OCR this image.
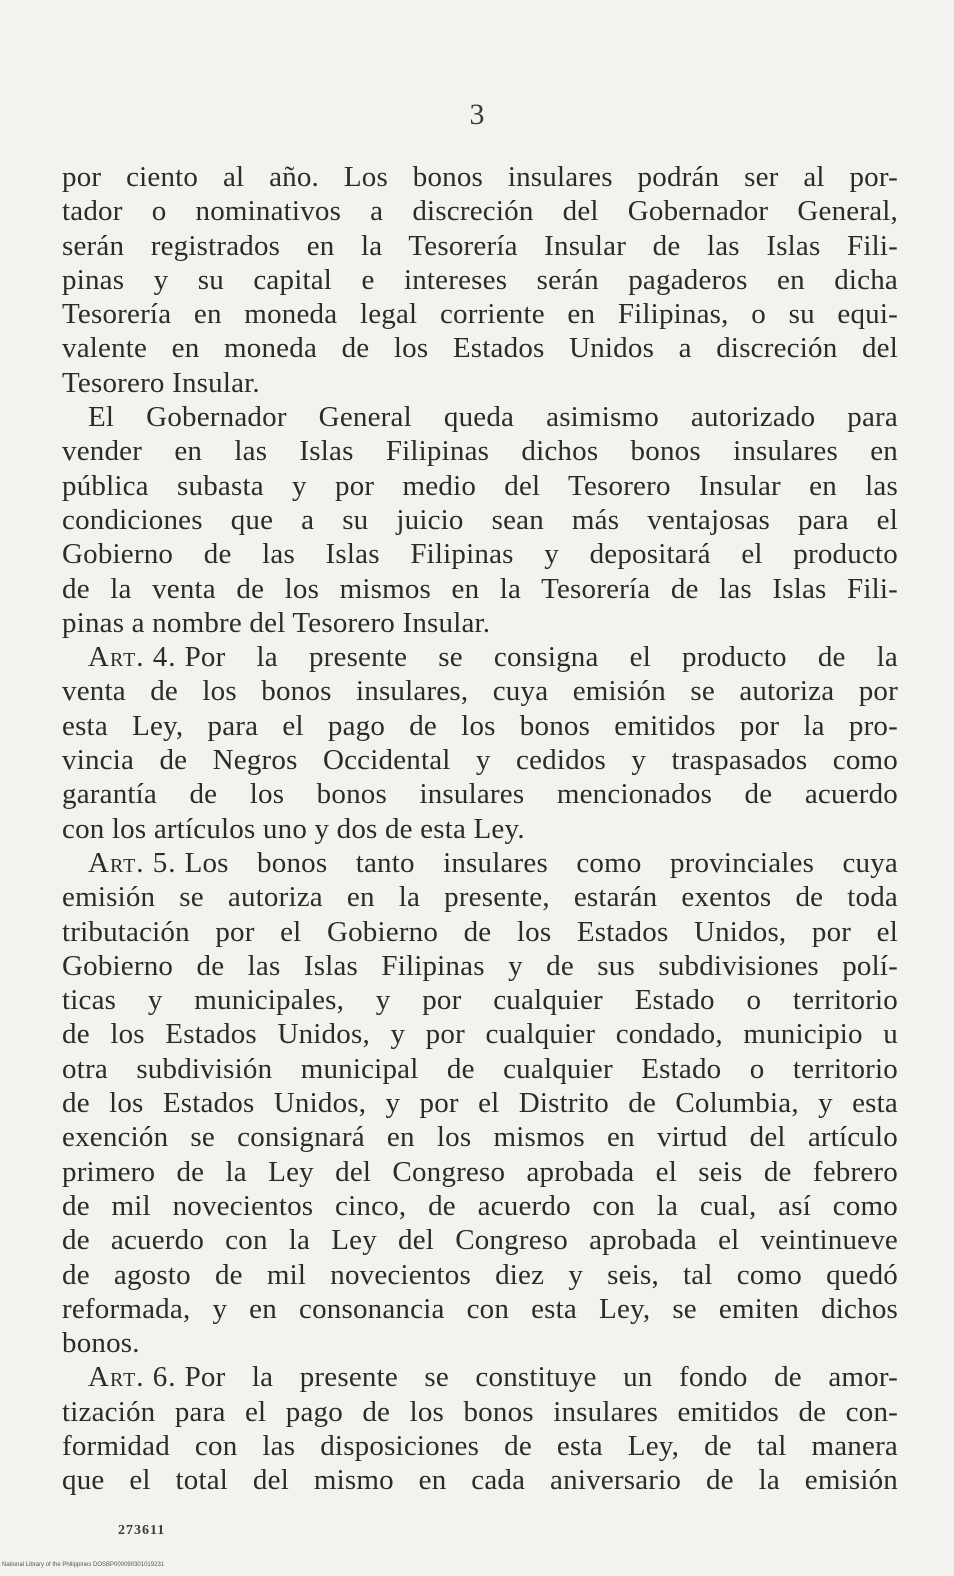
3
por ciento al año. Los bonos insulares podrán ser al por-
tador o nominativos a discreción del Gobernador General,
serán registrados en la Tesorería Insular de las Islas Fili-
pinas y su capital e intereses serán pagaderos en dicha
Tesorería en moneda legal corriente en Filipinas, o su equi-
valente en moneda de los Estados Unidos a discreción del
Tesorero Insular.
El Gobernador General queda asimismo autorizado para
vender en las Islas Filipinas dichos bonos insulares en
pública subasta y por medio del Tesorero Insular en las
condiciones que a su juicio sean más ventajosas para el
Gobierno de las Islas Filipinas y depositará el producto
de la venta de los mismos en la Tesorería de las Islas Fili-
pinas a nombre del Tesorero Insular.
Art. 4. Por la presente se consigna el producto de la
venta de los bonos insulares, cuya emisión se autoriza por
esta Ley, para el pago de los bonos emitidos por la pro-
vincia de Negros Occidental y cedidos y traspasados como
garantía de los bonos insulares mencionados de acuerdo
con los artículos uno y dos de esta Ley.
Art. 5. Los bonos tanto insulares como provinciales cuya
emisión se autoriza en la presente, estarán exentos de toda
tributación por el Gobierno de los Estados Unidos, por el
Gobierno de las Islas Filipinas y de sus subdivisiones polí-
ticas y municipales, y por cualquier Estado o territorio
de los Estados Unidos, y por cualquier condado, municipio u
otra subdivisión municipal de cualquier Estado o territorio
de los Estados Unidos, y por el Distrito de Columbia, y esta
exención se consignará en los mismos en virtud del artículo
primero de la Ley del Congreso aprobada el seis de febrero
de mil novecientos cinco, de acuerdo con la cual, así como
de acuerdo con la Ley del Congreso aprobada el veintinueve
de agosto de mil novecientos diez y seis, tal como quedó
reformada, y en consonancia con esta Ley, se emiten dichos
bonos.
Art. 6. Por la presente se constituye un fondo de amor-
tización para el pago de los bonos insulares emitidos de con-
formidad con las disposiciones de esta Ley, de tal manera
que el total del mismo en cada aniversario de la emisión
273611
National Library of the Philippines DOSBP000090301019231
